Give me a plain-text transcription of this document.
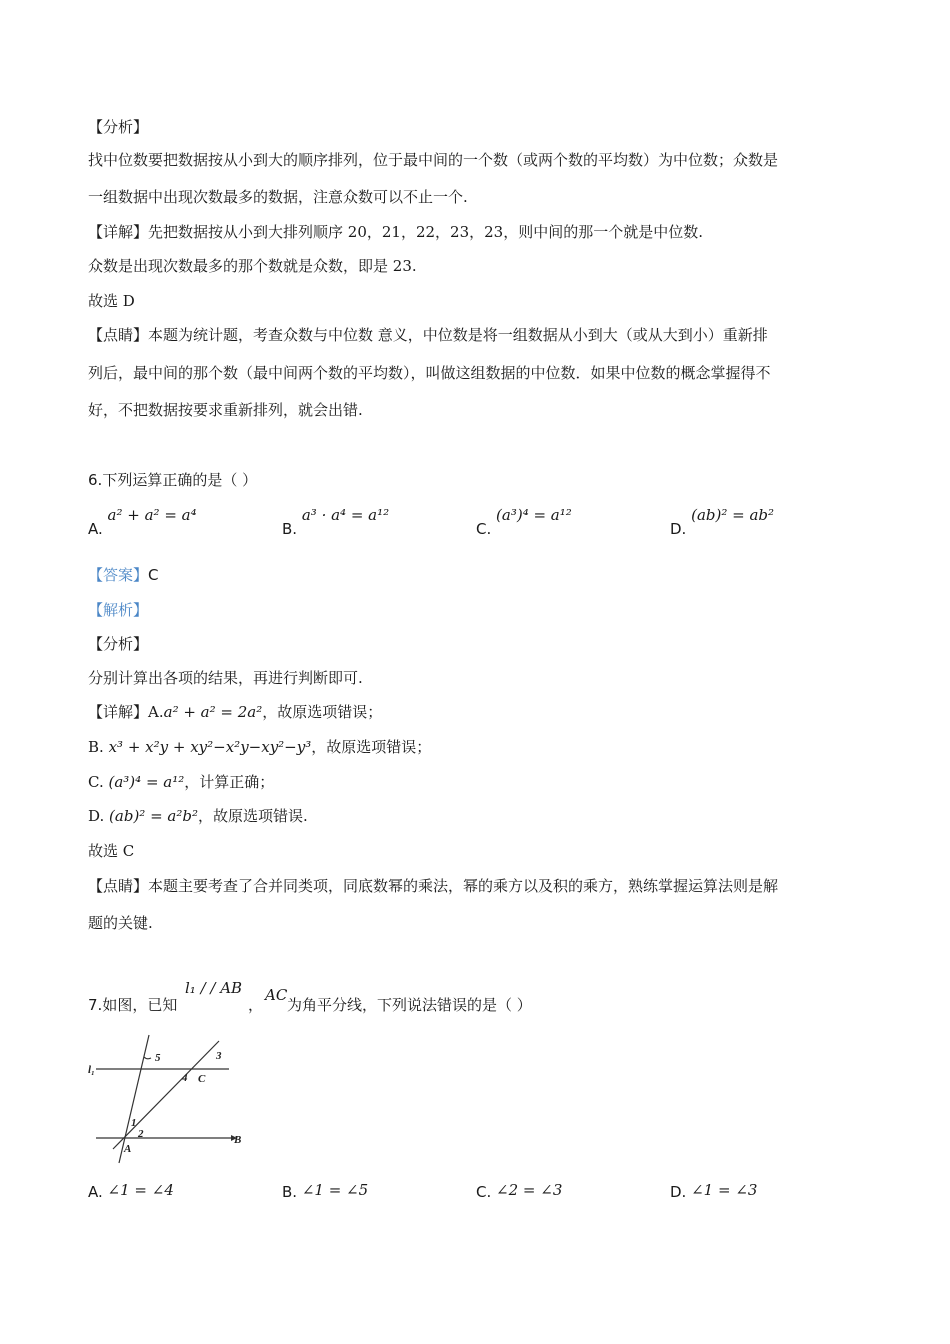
【分析】
找中位数要把数据按从小到大的顺序排列，位于最中间的一个数（或两个数的平均数）为中位数；众数是
一组数据中出现次数最多的数据，注意众数可以不止一个.
【详解】先把数据按从小到大排列顺序 20，21，22，23，23，则中间的那一个就是中位数.
众数是出现次数最多的那个数就是众数，即是 23.
故选 D
【点睛】本题为统计题，考查众数与中位数 意义，中位数是将一组数据从小到大（或从大到小）重新排
列后，最中间的那个数（最中间两个数的平均数），叫做这组数据的中位数．如果中位数的概念掌握得不
好，不把数据按要求重新排列，就会出错.
6.下列运算正确的是（ ）
A. a² + a² = a⁴
B. a³ · a⁴ = a¹²
C. (a³)⁴ = a¹²
D. (ab)² = ab²
【答案】C
【解析】
【分析】
分别计算出各项的结果，再进行判断即可.
【详解】A.a² + a² = 2a²，故原选项错误；
B. x³ + x²y + xy²−x²y−xy²−y³，故原选项错误；
C. (a³)⁴ = a¹²，计算正确；
D. (ab)² = a²b²，故原选项错误.
故选 C
【点睛】本题主要考查了合并同类项，同底数幂的乘法，幂的乘方以及积的乘方，熟练掌握运算法则是解
题的关键.
7.如图，已知
l₁ / / AB
，
AC
为角平分线，下列说法错误的是（ ）
l₁
5	3
4 C
1
2
A
B
A. ∠1 = ∠4	B. ∠1 = ∠5	C. ∠2 = ∠3	D. ∠1 = ∠3
